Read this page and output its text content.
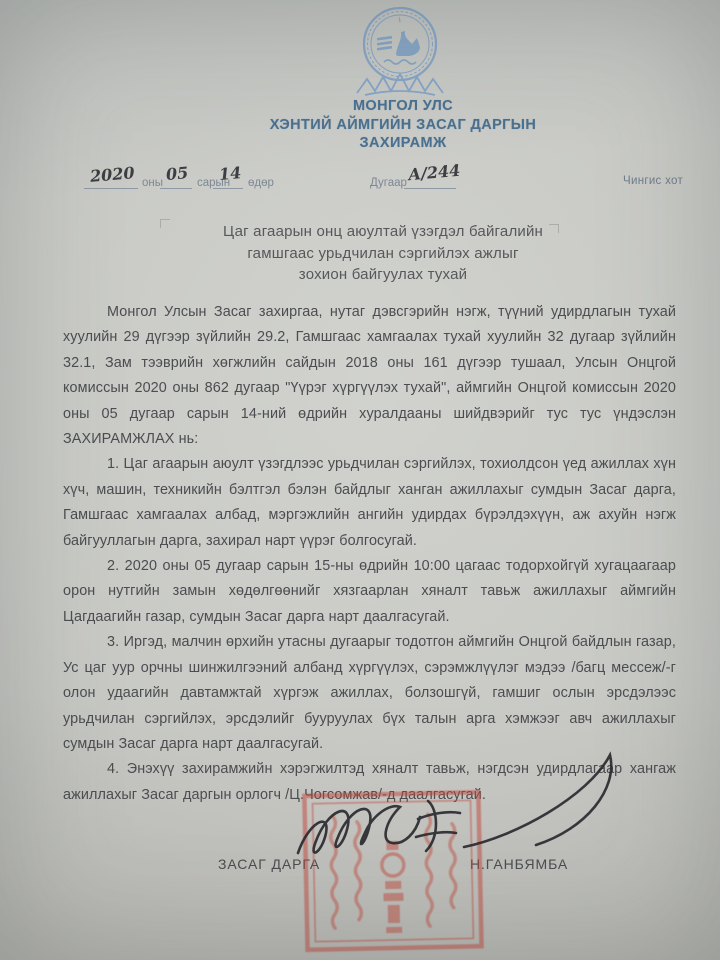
МОНГОЛ УЛС
ХЭНТИЙ АЙМГИЙН ЗАСАГ ДАРГЫН
ЗАХИРАМЖ
2020 оны 05 сарын
14 өдөр	Дугаар А/244	Чингис хот
Цаг агаарын онц аюултай үзэгдэл байгалийн
гамшгаас урьдчилан сэргийлэх ажлыг
зохион байгуулах тухай

Монгол Улсын Засаг захиргаа, нутаг дэвсгэрийн нэгж, түүний удирдлагын тухай хуулийн 29 дүгээр зүйлийн 29.2, Гамшгаас хамгаалах тухай хуулийн 32 дугаар зүйлийн 32.1, Зам тээврийн хөгжлийн сайдын 2018 оны 161 дүгээр тушаал, Улсын Онцгой комиссын 2020 оны 862 дугаар "Үүрэг хүргүүлэх тухай", аймгийн Онцгой комиссын 2020 оны 05 дугаар сарын 14-ний өдрийн хуралдааны шийдвэрийг тус тус үндэслэн ЗАХИРАМЖЛАХ нь:

1. Цаг агаарын аюулт үзэгдлээс урьдчилан сэргийлэх, тохиолдсон үед ажиллах хүн хүч, машин, техникийн бэлтгэл бэлэн байдлыг ханган ажиллахыг сумдын Засаг дарга, Гамшгаас хамгаалах албад, мэргэжлийн ангийн удирдах бүрэлдэхүүн, аж ахуйн нэгж байгууллагын дарга, захирал нарт үүрэг болгосугай.

2. 2020 оны 05 дугаар сарын 15-ны өдрийн 10:00 цагаас тодорхойгүй хугацаагаар орон нутгийн замын хөдөлгөөнийг хязгаарлан хяналт тавьж ажиллахыг аймгийн Цагдаагийн газар, сумдын Засаг дарга нарт даалгасугай.

3. Иргэд, малчин өрхийн утасны дугаарыг тодотгон аймгийн Онцгой байдлын газар, Ус цаг уур орчны шинжилгээний албанд хүргүүлэх, сэрэмжлүүлэг мэдээ /багц мессеж/-г олон удаагийн давтамжтай хүргэж ажиллах, болзошгүй, гамшиг ослын эрсдэлээс урьдчилан сэргийлэх, эрсдэлийг бууруулах бүх талын арга хэмжээг авч ажиллахыг сумдын Засаг дарга нарт даалгасугай.

4. Энэхүү захирамжийн хэрэгжилтэд хяналт тавьж, нэгдсэн удирдлагаар хангаж ажиллахыг Засаг даргын орлогч /Ц.Чогсомжав/-д даалгасугай.

ЗАСАГ ДАРГА	Н.ГАНБЯМБА
